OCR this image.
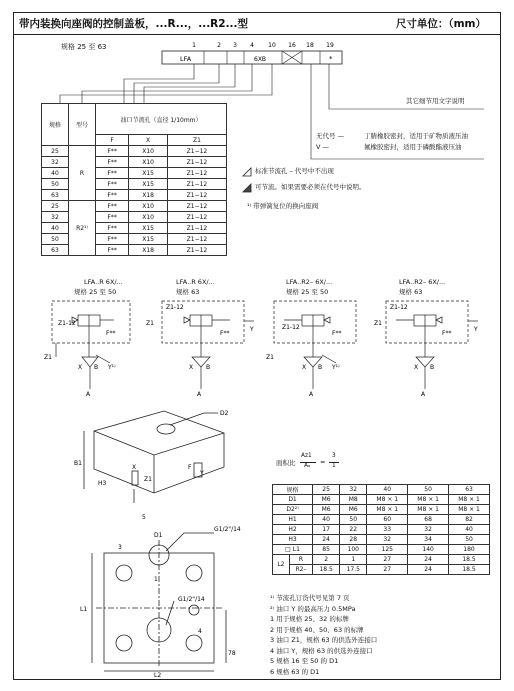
带内装换向座阀的控制盖板，...R...，...R2...型	尺寸单位：（mm）
规格 25 至 63	1	2 3 4 10 16 18 19
LFA	6XB	*
其它细节用文字说明
无代号 —	丁腈橡胶密封，适用于矿物质液压油
V —	氟橡胶密封，适用于磷酸酯液压油
规格	型号	油口节流孔（直径 1/10mm）		
		F	X	Z1
25	R	F**	X10	Z1−12
32		F**	X10	Z1−12
40		F**	X15	Z1−12
50		F**	X15	Z1−12
63		F**	X18	Z1−12
25	R2¹⁾	F**	X10	Z1−12
32		F**	X10	Z1−12
40		F**	X15	Z1−12
50		F**	X15	Z1−12
63		F**	X18	Z1−12
标准节流孔 – 代号中不出现
可节流。如果需要必须在代号中说明。
¹⁾ 带弹簧复位的换向座阀
LFA..R 6X/...
规格 25 至 50
LFA..R 6X/...
规格 63
LFA..R2– 6X/...
规格 25 至 50
LFA..R2– 6X/...
规格 63
Z1-12
Z1
X B
A
Y¹⁾
F**
Z1
Z1-12
X B
A
Y
F**
Z1-12
Z1
X B
A
Y¹⁾
F**
Z1
Z1-12
X B
A
Y
F**
D2
B1
H3
Y
F
X
Z1
5
D1
G1/2"/14
G1/2"/14
3
L1
L2
1
4
78
面积比
Az1
Aₐ =
3
1
规格		25	32	40	50	63
D1		M6	M8	M8 × 1	M8 × 1	M8 × 1
D2²⁾		M6	M6	M8 × 1	M8 × 1	M8 × 1
H1		40	50	60	68	82
H2		17	22	33	32	40
H3		24	28	32	34	50
□ L1		85	100	125	140	180
L2	R	2	1	27	24	18.5
	R2–	18.5	17.5	27	24	18.5
¹⁾ 节流孔订货代号见第 7 页
²⁾ 油口 Y 的最高压力 0.5MPa
1 用于规格 25、32 的标牌
2 用于规格 40、50、63 的标牌
3 油口 Z1，规格 63 的供选外连接口
4 油口 Y，规格 63 的供选外连接口
5 规格 16 至 50 的 D1
6 规格 63 的 D1
